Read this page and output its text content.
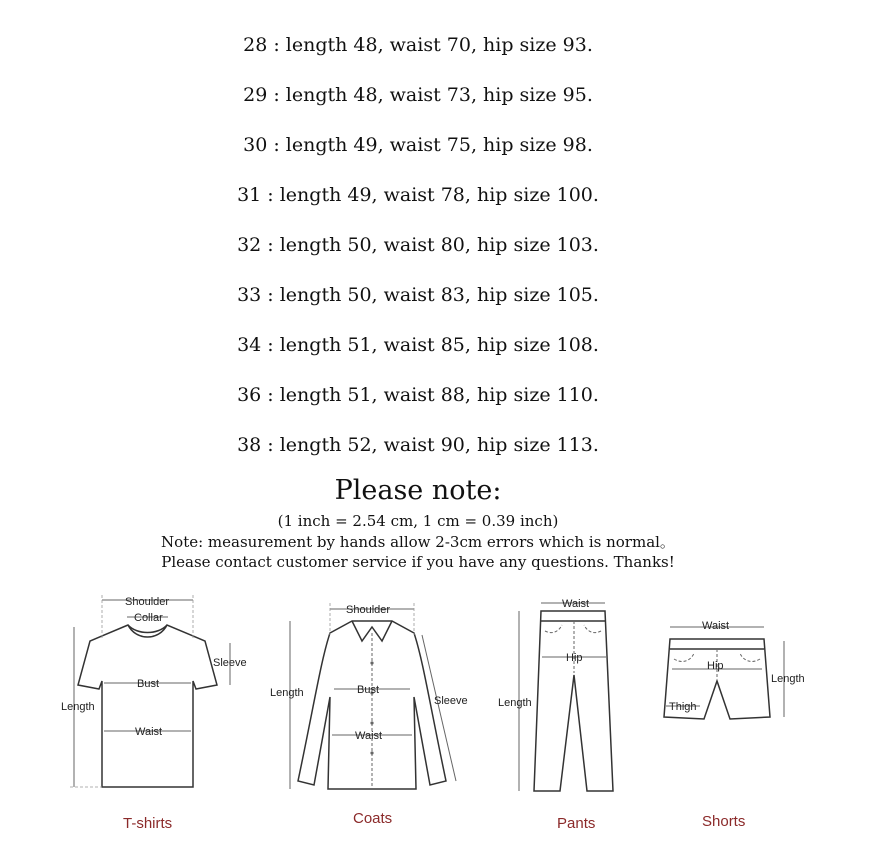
28 : length 48, waist 70, hip size 93.
29 : length 48, waist 73, hip size 95.
30 : length 49, waist 75, hip size 98.
31 : length 49, waist 78, hip size 100.
32 : length 50, waist 80, hip size 103.
33 : length 50, waist 83, hip size 105.
34 : length 51, waist 85, hip size 108.
36 : length 51, waist 88, hip size 110.
38 : length 52, waist 90, hip size 113.
Please note:
(1 inch = 2.54 cm, 1 cm = 0.39 inch)
Note: measurement by hands allow 2-3cm errors which is normal。
Please contact customer service if you have any questions. Thanks!
Shoulder
Collar
Length
Bust
Waist
Sleeve
T-shirts
Shoulder
Length	Bust
Waist
Sleeve
Coats
Waist
Hip
Length
Pants
Waist
Hip
Length
Thigh
Shorts
